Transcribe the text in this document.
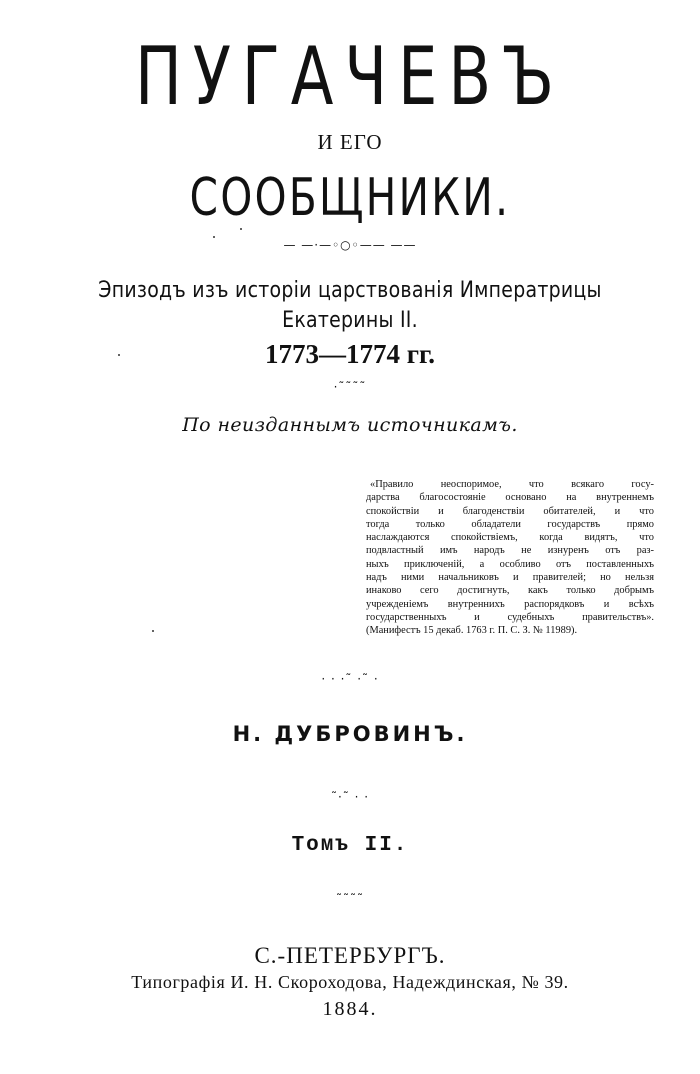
ПУГАЧЕВЪ
И ЕГО
СООБЩНИКИ.
— —·—◦○◦—— ——
Эпизодъ изъ исторіи царствованія Императрицы Екатерины II.
1773—1774 гг.
·˜˜˜˜
По неизданнымъ источникамъ.
«Правило неоспоримое, что всякаго госу-
дарства благосостояніе основано на внутреннемъ
спокойствіи и благоденствіи обитателей, и что
тогда только обладатели государствъ прямо
наслаждаются спокойствіемъ, когда видятъ, что
подвластный имъ народъ не изнуренъ отъ раз-
ныхъ приключеній, а особливо отъ поставленныхъ
надъ ними начальниковъ и правителей; но нельзя
инаково сего достигнуть, какъ только добрымъ
учрежденіемъ внутреннихъ распорядковъ и всѣхъ
государственныхъ и судебныхъ правительствъ».
(Манифестъ 15 декаб. 1763 г. П. С. З. № 11989).
· · ·˜ ·˜ ·
Н. ДУБРОВИНЪ.
˜·˜ · ·
Томъ II.
˜˜˜˜
С.-ПЕТЕРБУРГЪ.
Типографія И. Н. Скороходова, Надеждинская, № 39.
1884.
